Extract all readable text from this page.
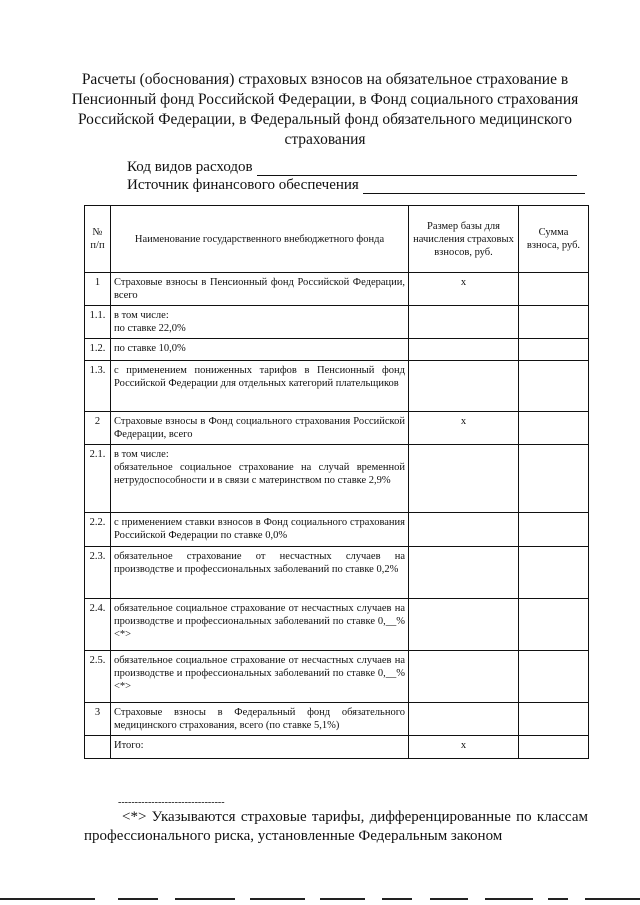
Расчеты (обоснования) страховых взносов на обязательное страхование в Пенсионный фонд Российской Федерации, в Фонд социального страхования Российской Федерации, в Федеральный фонд обязательного медицинского страхования
Код видов расходов
Источник финансового обеспечения
№ п/п	Наименование государственного внебюджетного фонда	Размер базы для начисления страховых взносов, руб.	Сумма взноса, руб.
1	Страховые взносы в Пенсионный фонд Российской Федерации, всего	x	
1.1.	в том числе:
по ставке 22,0%		
1.2.	по ставке 10,0%		
1.3.	с применением пониженных тарифов в Пенсионный фонд Российской Федерации для отдельных категорий плательщиков		
2	Страховые взносы в Фонд социального страхования Российской Федерации, всего	x	
2.1.	в том числе:
обязательное социальное страхование на случай временной нетрудоспособности и в связи с материнством по ставке 2,9%		
2.2.	с применением ставки взносов в Фонд социального страхования Российской Федерации по ставке 0,0%		
2.3.	обязательное страхование от несчастных случаев на производстве и профессиональных заболеваний по ставке 0,2%		
2.4.	обязательное социальное страхование от несчастных случаев на производстве и профессиональных заболеваний по ставке 0,__% <*>		
2.5.	обязательное социальное страхование от несчастных случаев на производстве и профессиональных заболеваний по ставке 0,__% <*>		
3	Страховые взносы в Федеральный фонд обязательного медицинского страхования, всего (по ставке 5,1%)		
	Итого:	x	
--------------------------------
<*> Указываются страховые тарифы, дифференцированные по классам профессионального риска, установленные Федеральным законом
